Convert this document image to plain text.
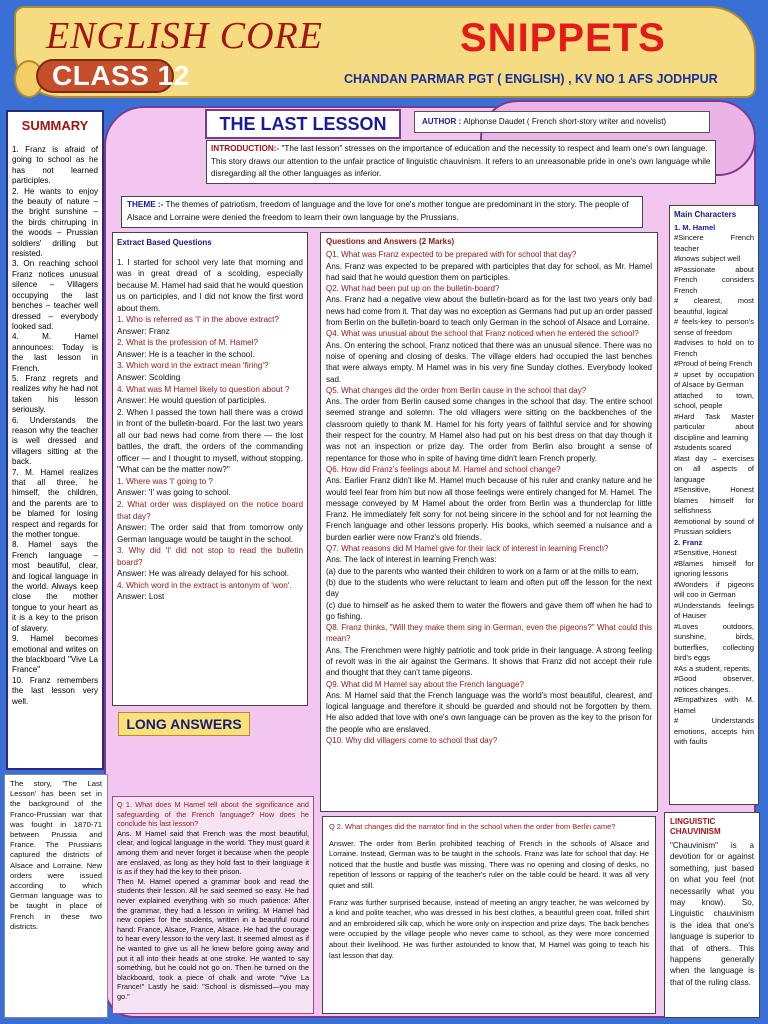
ENGLISH CORE
CLASS 12
SNIPPETS
CHANDAN PARMAR PGT ( ENGLISH) , KV NO 1 AFS JODHPUR
SUMMARY
1. Franz is afraid of going to school as he has not learned participles.
2. He wants to enjoy the beauty of nature – the bright sunshine – the birds chirruping in the woods – Prussian soldiers' drilling but resisted.
3. On reaching school Franz notices unusual silence – Villagers occupying the last benches – teacher well dressed – everybody looked sad.
4. M. Hamel announces: Today is the last lesson in French.
5. Franz regrets and realizes why he had not taken his lesson seriously.
6. Understands the reason why the teacher is well dressed and villagers sitting at the back.
7. M. Hamel realizes that all three, he himself, the children, and the parents are to be blamed for losing respect and regards for the mother tongue.
8. Hamel says the French language – most beautiful, clear, and logical language in the world. Always keep close the mother tongue to your heart as it is a key to the prison of slavery.
9. Hamel becomes emotional and writes on the blackboard "Vive La France"
10. Franz remembers the last lesson very well.
The story, 'The Last Lesson' has been set in the background of the Franco-Prussian war that was fought in 1870-71 between Prussia and France. The Prussians captured the districts of Alsace and Lorraine. New orders were issued according to which German language was to be taught in place of French in these two districts.
THE LAST LESSON	AUTHOR : Alphonse Daudet ( French short-story writer and novelist)
INTRODUCTION:- "The last lesson" stresses on the importance of education and the necessity to respect and learn one's own language. This story draws our attention to the unfair practice of linguistic chauvinism. It refers to an unreasonable pride in one's own language while disregarding all the other languages as inferior.
THEME :- The themes of patriotism, freedom of language and the love for one's mother tongue are predominant in the story. The people of Alsace and Lorraine were denied the freedom to learn their own language by the Prussians.
Extract Based Questions
1. I started for school very late that morning and was in great dread of a scolding, especially because M. Hamel had said that he would question us on participles, and I did not know the first word about them.
1. Who is referred as 'I' in the above extract?
Answer: Franz
2. What is the profession of M. Hamel?
Answer: He is a teacher in the school.
3. Which word in the extract mean 'firing'?
Answer: Scolding
4. What was M Hamel likely to question about ?
Answer: He would question of participles.
2. When I passed the town hall there was a crowd in front of the bulletin-board. For the last two years all our bad news had come from there — the lost battles, the draft, the orders of the commanding officer — and I thought to myself, without stopping, "What can be the matter now?"
1. Where was 'I' going to ?
Answer: 'I' was going to school.
2. What order was displayed on the notice board that day?
Answer: The order said that from tomorrow only German language would be taught in the school.
3. Why did 'I' did not stop to read the bulletin board?
Answer: He was already delayed for his school.
4. Which word in the extract is antonym of 'won'.
Answer: Lost
LONG ANSWERS
Q 1. What does M Hamel tell about the significance and safeguarding of the French language? How does he conclude his last lesson?
Ans. M Hamel said that French was the most beautiful, clear, and logical language in the world. They must guard it among them and never forget it because when the people are enslaved, as long as they hold fast to their language it is as if they had the key to their prison.
Then M. Hamel opened a grammar book and read the students their lesson. All he said seemed so easy. He had never explained everything with so much patience: After the grammar, they had a lesson in writing. M Hamel had new copies for the students, written in a beautiful round hand: France, Alsace, France, Alsace. He had the courage to hear every lesson to the very last. It seemed almost as if he wanted to give us all he knew before going away and put it all into their heads at one stroke. He wanted to say something, but he could not go on. Then he turned on the blackboard, took a piece of chalk and wrote "Vive La France!" Lastly he said: "School is dismissed—you may go."
Questions and Answers (2 Marks)
Q1. What was Franz expected to be prepared with for school that day?
Ans. Franz was expected to be prepared with participles that day for school, as Mr. Hamel had said that he would question them on participles.
Q2. What had been put up on the bulletin-board?
Ans. Franz had a negative view about the bulletin-board as for the last two years only bad news had come from it. That day was no exception as Germans had put up an order passed from Berlin on the bulletin-board to teach only German in the school of Alsace and Lorraine.
Q4. What was unusual about the school that Franz noticed when he entered the school?
Ans. On entering the school, Franz noticed that there was an unusual silence. There was no noise of opening and closing of desks. The village elders had occupied the last benches that were always empty. M Hamel was in his very fine Sunday clothes. Everybody looked sad.
Q5. What changes did the order from Berlin cause in the school that day?
Ans. The order from Berlin caused some changes in the school that day. The entire school seemed strange and solemn. The old villagers were sitting on the backbenches of the classroom quietly to thank M. Hamel for his forty years of faithful service and for showing their respect for the country. M Hamel also had put on his best dress on that day though it was not an inspection or prize day. The order from Berlin also brought a sense of repentance for those who in spite of having time didn't learn French properly.
Q6. How did Franz's feelings about M. Hamel and school change?
Ans. Earlier Franz didn't like M. Hamel much because of his ruler and cranky nature and he would feel fear from him but now all those feelings were entirely changed for M. Hamel. The message conveyed by M Hamel about the order from Berlin was a thunderclap for little Franz. He immediately felt sorry for not being sincere in the school and for not learning the French language and other lessons properly. His books, which seemed a nuisance and a burden earlier were now Franz's old friends.
Q7. What reasons did M Hamel give for their lack of interest in learning French?
Ans. The lack of interest in learning French was:
(a) due to the parents who wanted their children to work on a farm or at the mills to earn,
(b) due to the students who were reluctant to learn and often put off the lesson for the next day
(c) due to himself as he asked them to water the flowers and gave them off when he had to go fishing.
Q8. Franz thinks, "Will they make them sing in German, even the pigeons?" What could this mean?
Ans. The Frenchmen were highly patriotic and took pride in their language. A strong feeling of revolt was in the air against the Germans. It shows that Franz did not accept their rule and thought that they can't tame pigeons.
Q9. What did M Hamel say about the French language?
Ans. M Hamel said that the French language was the world's most beautiful, clearest, and logical language and therefore it should be guarded and should not be forgotten by them. He also added that love with one's own language can be proven as the key to the prison for the people who are enslaved.
Q10. Why did villagers come to school that day?
Q 2. What changes did the narrator find in the school when the order from Berlin came?
Answer. The order from Berlin prohibited teaching of French in the schools of Alsace and Lorraine. Instead, German was to be taught in the schools. Franz was late for school that day. He noticed that the hustle and bustle was missing. There was no opening and closing of desks, no repetition of lessons or rapping of the teacher's ruler on the table could be heard. It was all very quiet and still.
Franz was further surprised because, instead of meeting an angry teacher, he was welcomed by a kind and polite teacher, who was dressed in his best clothes, a beautiful green coat, frilled shirt and an embroidered silk cap, which he wore only on inspection and prize days. The back benches were occupied by the village people who never came to school, as they were more concerned about their livelihood. He was further astounded to know that, M Hamel was going to teach his last lesson that day.
Main Characters
1. M. Hamel
#Sincere French teacher
#knows subject well
#Passionate about French considers French
# clearest, most beautiful, logical
# feels-key to person's sense of freedom
#advises to hold on to French
#Proud of being French
# upset by occupation of Alsace by German
attached to town, school, people
#Hard Task Master particular about discipline and learning
#students scared
#last day – exercises on all aspects of language
#Sensitive, Honest blames himself for selfishness
#emotional by sound of Prussian soldiers
2. Franz
#Sensitive, Honest
#Blames himself for ignoring lessons
#Wonders if pigeons will coo in German
#Understands feelings of Hauser
#Loves outdoors, sunshine, birds, butterflies, collecting bird's eggs
#As a student, repents,
#Good observer, notices changes.
#Empathizes with M. Hamel
# Understands emotions, accepts him with faults
LINGUISTIC CHAUVINISM
"Chauvinism" is a devotion for or against something, just based on what you feel (not necessarily what you may know). So, Linguistic chauvinism is the idea that one's language is superior to that of others. This happens generally when the language is that of the ruling class.
